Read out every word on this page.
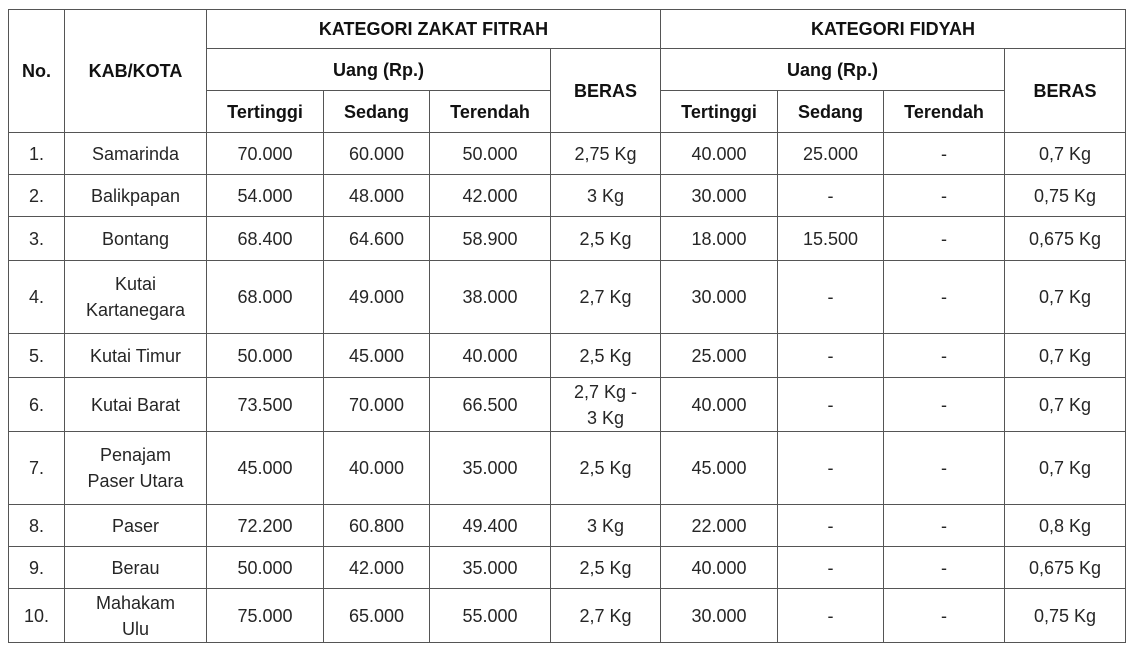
No.	KAB/KOTA	KATEGORI ZAKAT FITRAH				KATEGORI FIDYAH			
		Uang (Rp.)			BERAS	Uang (Rp.)			BERAS
		Tertinggi	Sedang	Terendah		Tertinggi	Sedang	Terendah	
1.	Samarinda	70.000	60.000	50.000	2,75 Kg	40.000	25.000	-	0,7 Kg
2.	Balikpapan	54.000	48.000	42.000	3 Kg	30.000	-	-	0,75 Kg
3.	Bontang	68.400	64.600	58.900	2,5 Kg	18.000	15.500	-	0,675 Kg
4.	Kutai
Kartanegara	68.000	49.000	38.000	2,7 Kg	30.000	-	-	0,7 Kg
5.	Kutai Timur	50.000	45.000	40.000	2,5 Kg	25.000	-	-	0,7 Kg
6.	Kutai Barat	73.500	70.000	66.500	2,7 Kg -
3 Kg	40.000	-	-	0,7 Kg
7.	Penajam
Paser Utara	45.000	40.000	35.000	2,5 Kg	45.000	-	-	0,7 Kg
8.	Paser	72.200	60.800	49.400	3 Kg	22.000	-	-	0,8 Kg
9.	Berau	50.000	42.000	35.000	2,5 Kg	40.000	-	-	0,675 Kg
10.	Mahakam
Ulu	75.000	65.000	55.000	2,7 Kg	30.000	-	-	0,75 Kg
